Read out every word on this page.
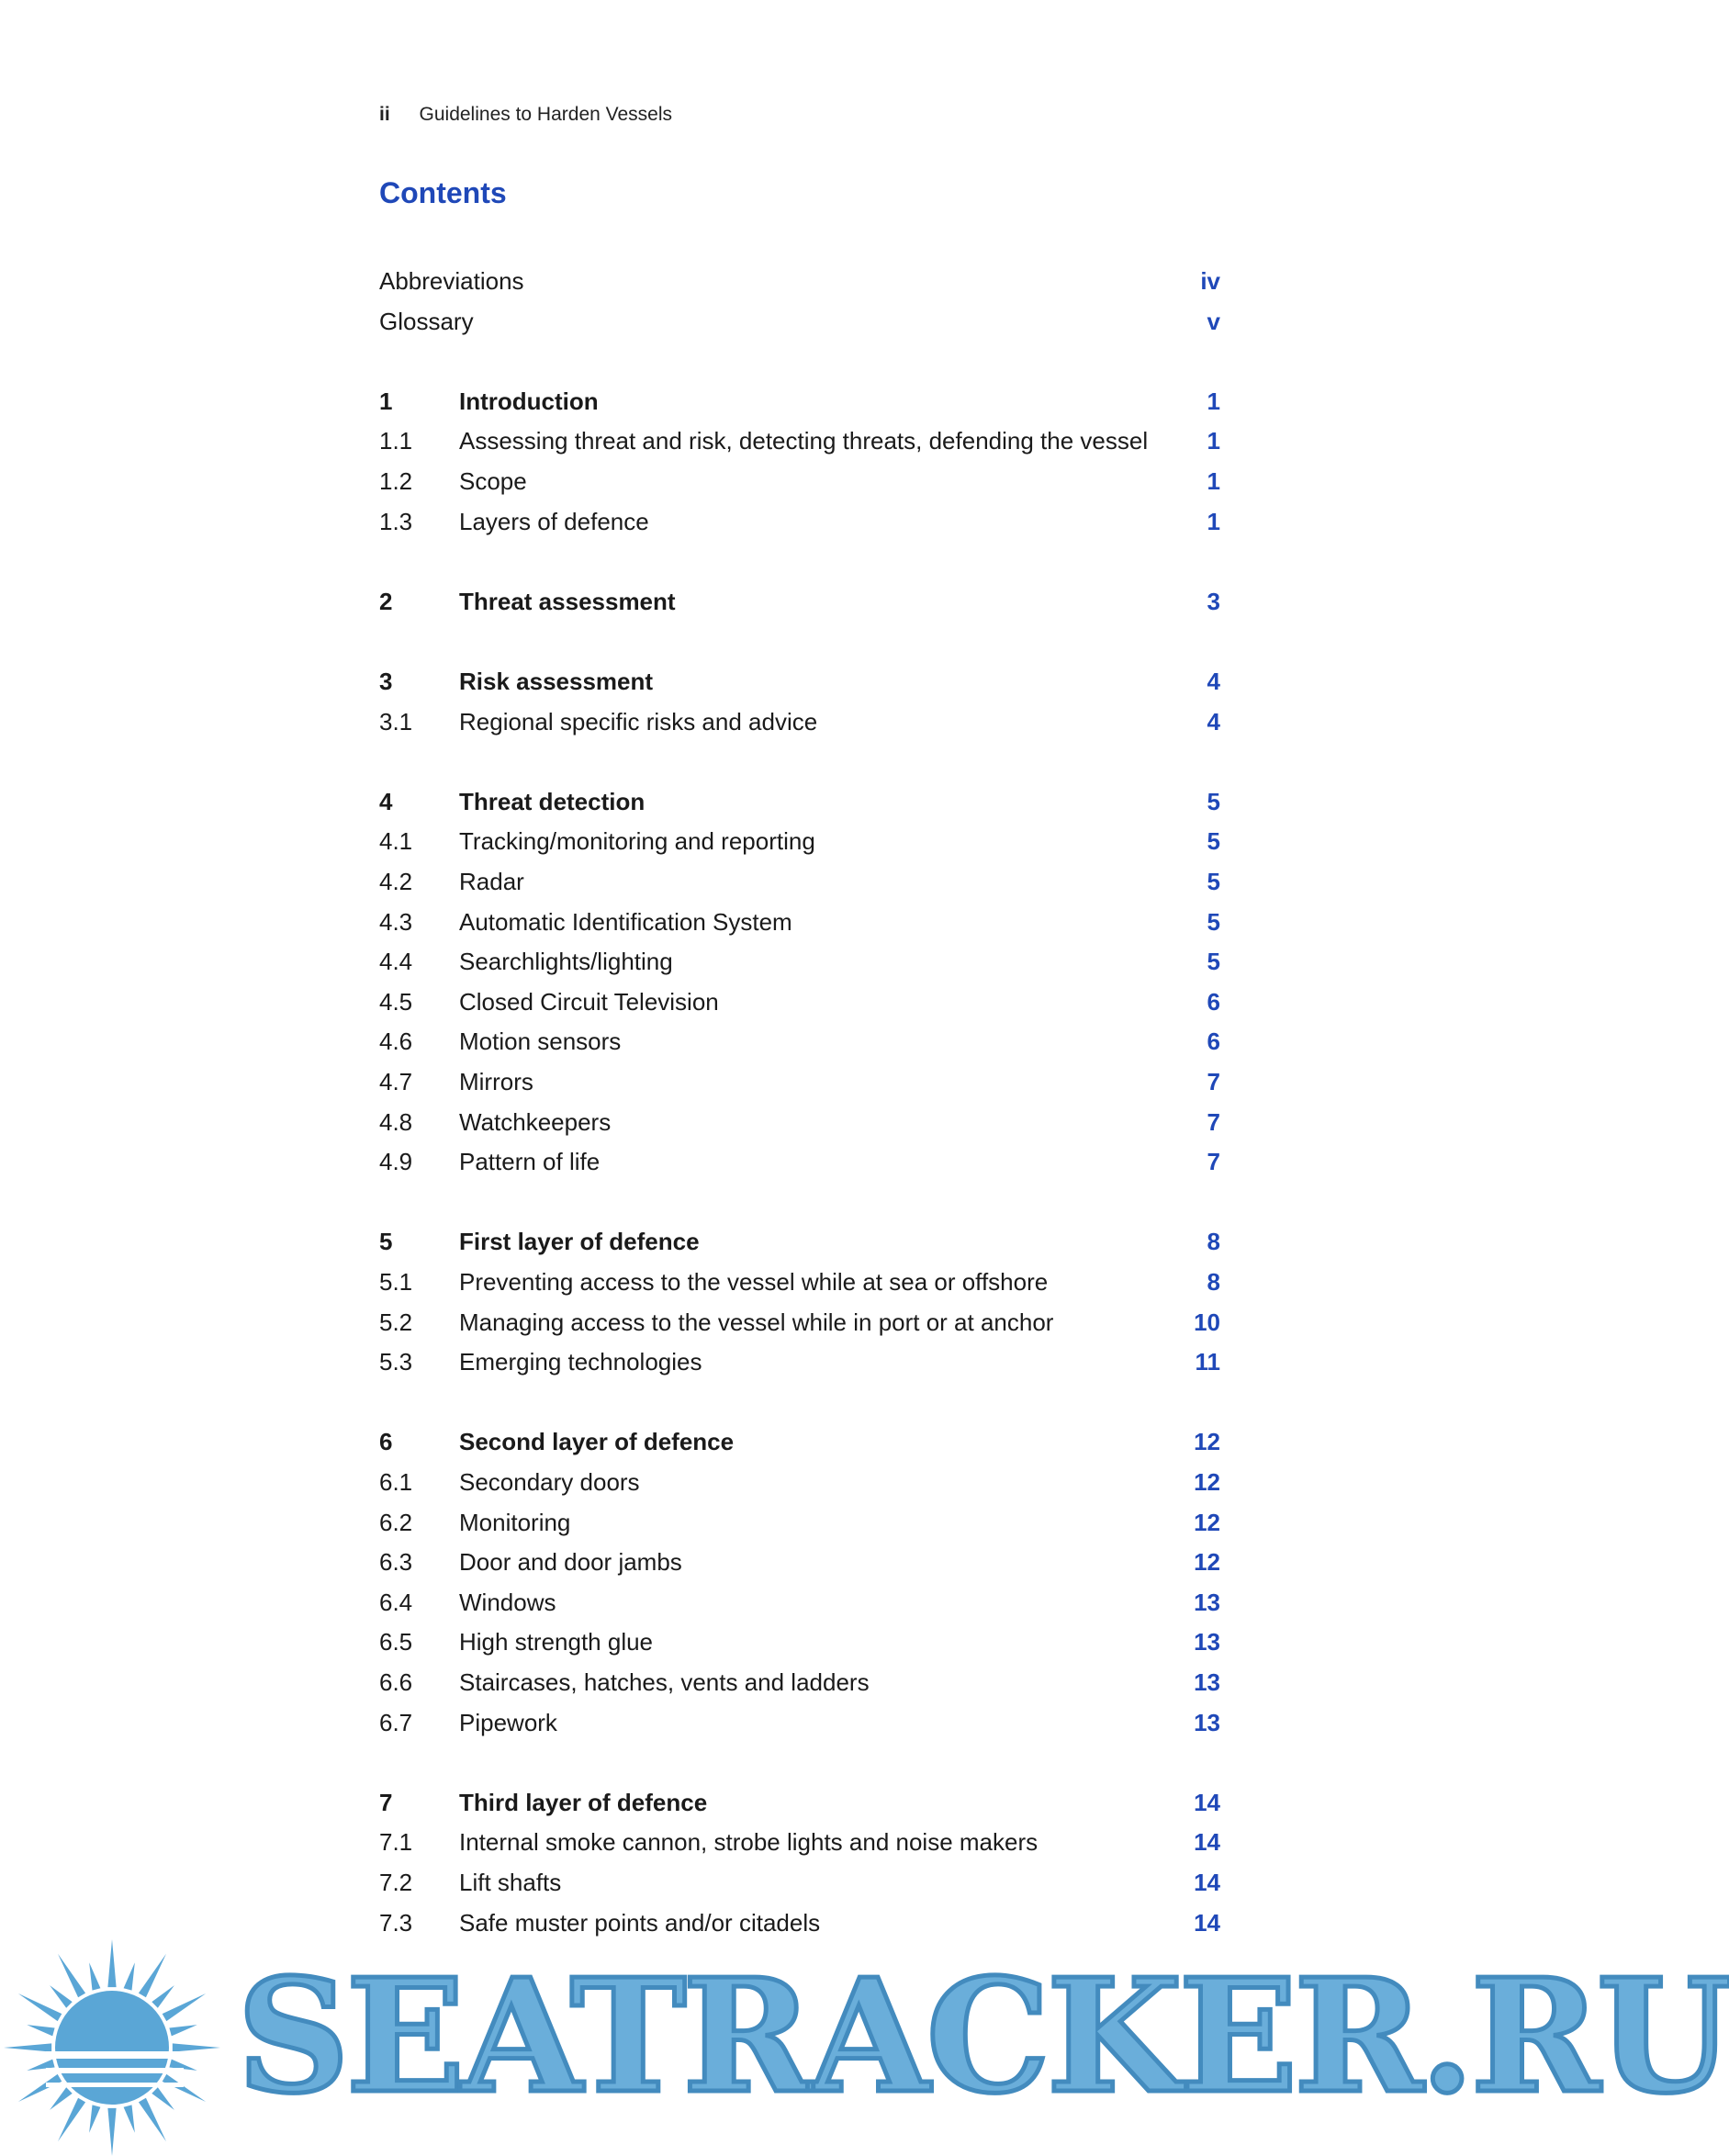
ii Guidelines to Harden Vessels
Contents
Abbreviations	iv
Glossary	v
1	Introduction	1
1.1 Assessing threat and risk, detecting threats, defending the vessel 1
1.2 Scope	1
1.3 Layers of defence	1
2	Threat assessment	3
3	Risk assessment	4
3.1 Regional specific risks and advice	4
4	Threat detection	5
4.1 Tracking/monitoring and reporting	5
4.2 Radar	5
4.3 Automatic Identification System	5
4.4 Searchlights/lighting	5
4.5 Closed Circuit Television	6
4.6 Motion sensors	6
4.7 Mirrors	7
4.8 Watchkeepers	7
4.9 Pattern of life	7
5	First layer of defence	8
5.1 Preventing access to the vessel while at sea or offshore	8
5.2 Managing access to the vessel while in port or at anchor	10
5.3 Emerging technologies	11
6	Second layer of defence	12
6.1 Secondary doors	12
6.2 Monitoring	12
6.3 Door and door jambs	12
6.4 Windows	13
6.5 High strength glue	13
6.6 Staircases, hatches, vents and ladders	13
6.7 Pipework	13
7	Third layer of defence	14
7.1 Internal smoke cannon, strobe lights and noise makers	14
7.2 Lift shafts	14
7.3 Safe muster points and/or citadels	14
SEATRACKER.RU
